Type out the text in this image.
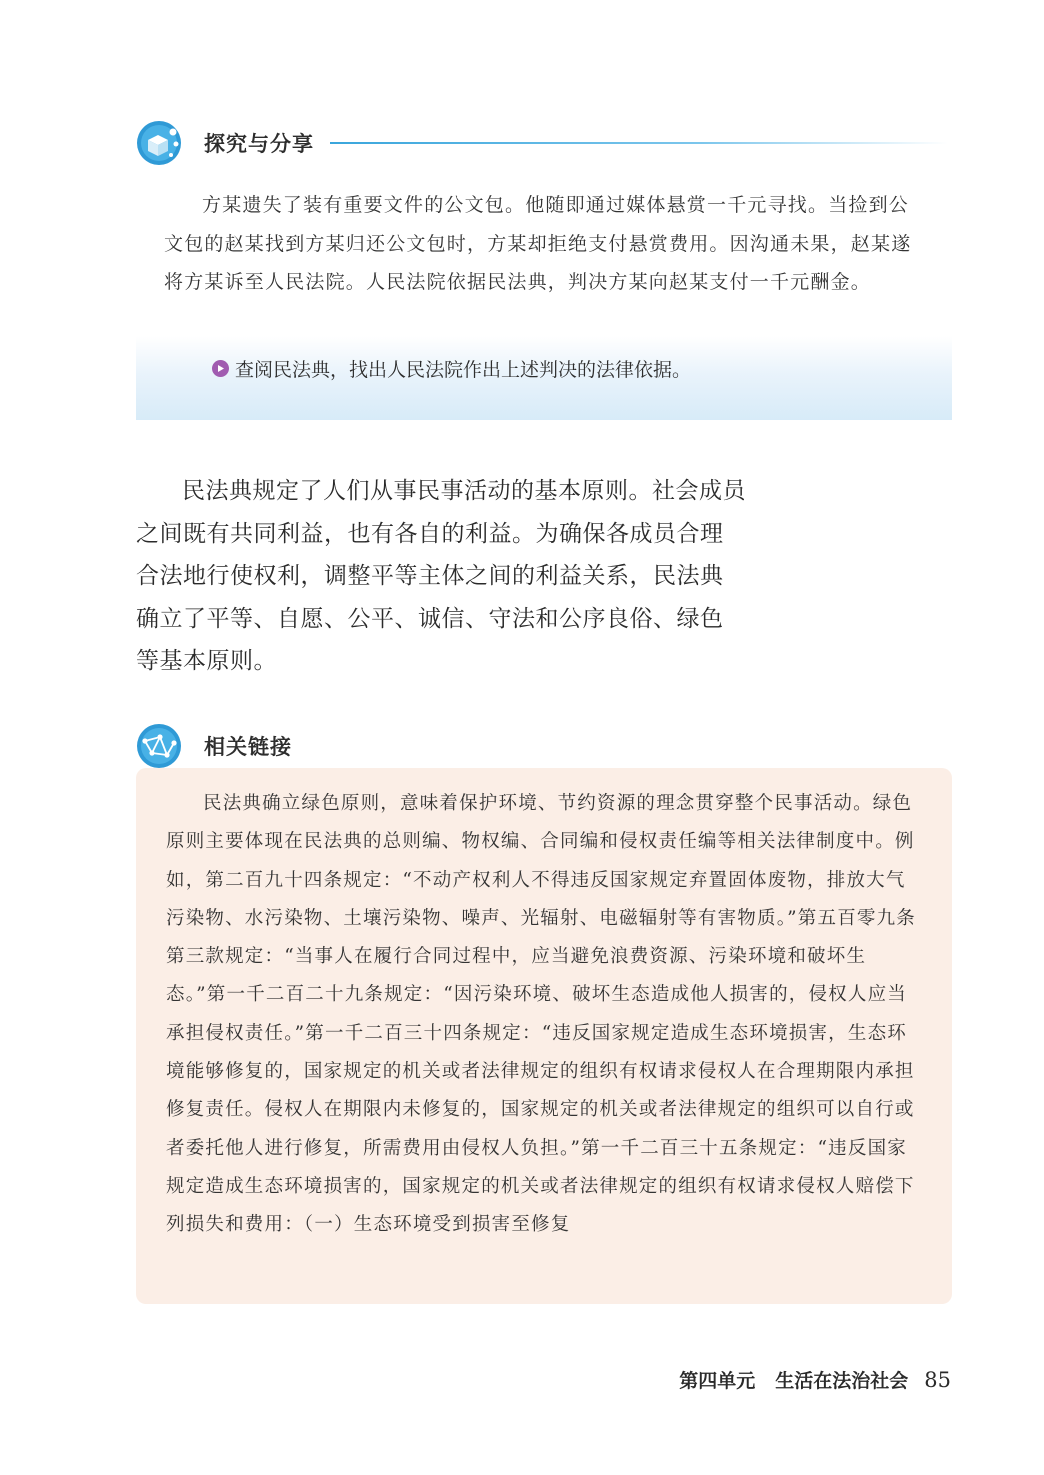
探究与分享

方某遗失了装有重要文件的公文包。他随即通过媒体悬赏一千元寻找。当捡到公文包的赵某找到方某归还公文包时，方某却拒绝支付悬赏费用。因沟通未果，赵某遂将方某诉至人民法院。人民法院依据民法典，判决方某向赵某支付一千元酬金。

查阅民法典，找出人民法院作出上述判决的法律依据。

民法典规定了人们从事民事活动的基本原则。社会成员之间既有共同利益，也有各自的利益。为确保各成员合理合法地行使权利，调整平等主体之间的利益关系，民法典确立了平等、自愿、公平、诚信、守法和公序良俗、绿色等基本原则。

相关链接

民法典确立绿色原则，意味着保护环境、节约资源的理念贯穿整个民事活动。绿色原则主要体现在民法典的总则编、物权编、合同编和侵权责任编等相关法律制度中。例如，第二百九十四条规定：“不动产权利人不得违反国家规定弃置固体废物，排放大气污染物、水污染物、土壤污染物、噪声、光辐射、电磁辐射等有害物质。”第五百零九条第三款规定：“当事人在履行合同过程中，应当避免浪费资源、污染环境和破坏生态。”第一千二百二十九条规定：“因污染环境、破坏生态造成他人损害的，侵权人应当承担侵权责任。”第一千二百三十四条规定：“违反国家规定造成生态环境损害，生态环境能够修复的，国家规定的机关或者法律规定的组织有权请求侵权人在合理期限内承担修复责任。侵权人在期限内未修复的，国家规定的机关或者法律规定的组织可以自行或者委托他人进行修复，所需费用由侵权人负担。”第一千二百三十五条规定：“违反国家规定造成生态环境损害的，国家规定的机关或者法律规定的组织有权请求侵权人赔偿下列损失和费用：（一）生态环境受到损害至修复

第四单元 生活在法治社会 85
